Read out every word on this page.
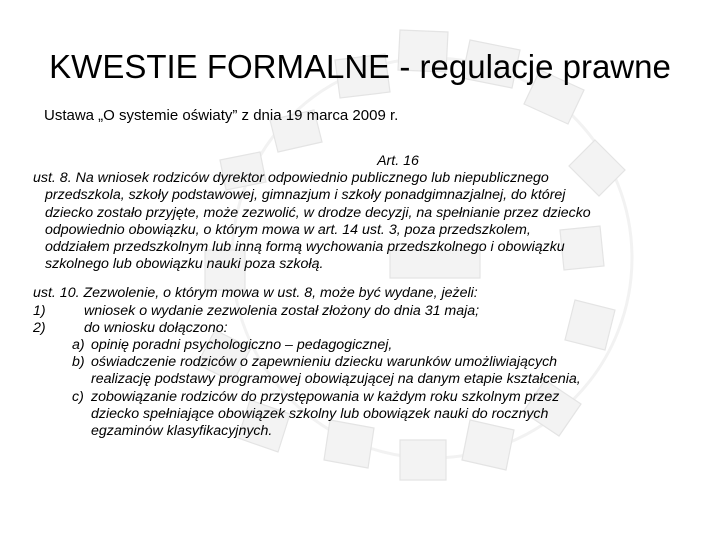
KWESTIE FORMALNE - regulacje prawne
Ustawa „O systemie oświaty” z dnia 19 marca 2009 r.
Art. 16
ust. 8. Na wniosek rodziców dyrektor odpowiednio publicznego lub niepublicznego
przedszkola, szkoły podstawowej, gimnazjum i szkoły ponadgimnazjalnej, do której
dziecko zostało przyjęte, może zezwolić, w drodze decyzji, na spełnianie przez dziecko
odpowiednio obowiązku, o którym mowa w art. 14 ust. 3, poza przedszkolem,
oddziałem przedszkolnym lub inną formą wychowania przedszkolnego i obowiązku
szkolnego lub obowiązku nauki poza szkołą.
ust. 10. Zezwolenie, o którym mowa w ust. 8, może być wydane, jeżeli:
1)	wniosek o wydanie zezwolenia został złożony do dnia 31 maja;
2)	do wniosku dołączono:
a) opinię poradni psychologiczno – pedagogicznej,
b) oświadczenie rodziców o zapewnieniu dziecku warunków umożliwiających
realizację podstawy programowej obowiązującej na danym etapie kształcenia,
c) zobowiązanie rodziców do przystępowania w każdym roku szkolnym przez
dziecko spełniające obowiązek szkolny lub obowiązek nauki do rocznych
egzaminów klasyfikacyjnych.
